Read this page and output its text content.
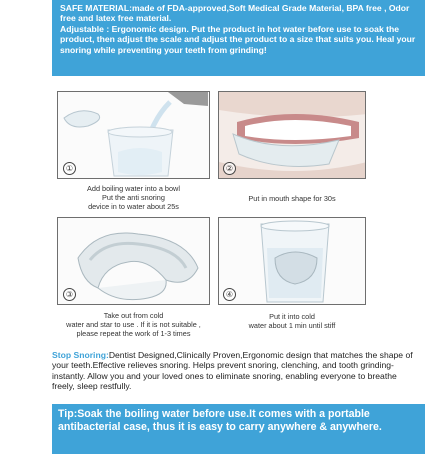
SAFE MATERIAL:made of FDA-approved,Soft Medical Grade Material, BPA free , Odor free and latex free material.

Adjustable : Ergonomic design. Put the product in hot water before use to soak the product, then adjust the scale and adjust the product to a size that suits you. Heal your snoring while preventing your teeth from grinding!

①
Add boiling water into a bowl
Put the anti snoring
device in to water about 25s
②
Put in mouth shape for 30s
③
Take out from cold
water and star to use . If it is not suitable ,
please repeat the work of 1-3 times
④
Put it into cold
water about 1 min until stiff
Stop Snoring:Dentist Designed,Clinically Proven,Ergonomic design that matches the shape of your teeth.Effective relieves snoring. Helps prevent snoring, clenching, and tooth grinding- instantly. Allow you and your loved ones to eliminate snoring, enabling everyone to breathe freely, sleep restfully.
Tip:Soak the boiling water before use.It comes with a portable antibacterial case, thus it is easy to carry anywhere & anywhere.
